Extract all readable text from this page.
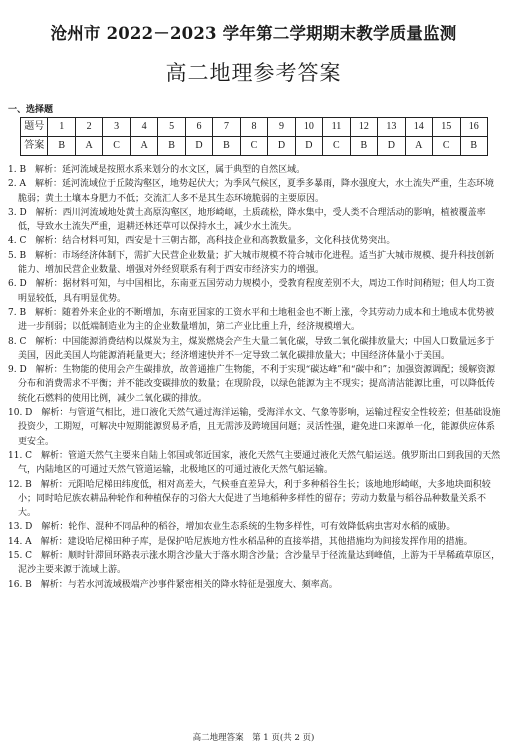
沧州市 2022－2023 学年第二学期期末教学质量监测
高二地理参考答案
一、选择题
题号	1	2	3	4	5	6	7	8	9	10	11	12	13	14	15	16
答案	B	A	C	A	B	D	B	C	D	D	C	B	D	A	C	B

1. B　解析：延河流域是按照水系来划分的水文区，属于典型的自然区域。

2. A　解析：延河流域位于丘陵沟壑区，地势起伏大；为季风气候区，夏季多暴雨，降水强度大，水土流失严重，生态环境脆弱；黄土土壤本身肥力不低；交流汇人多不是其生态环境脆弱的主要原因。

3. D　解析：西川河流域地处黄土高原沟壑区，地形崎岖，土质疏松，降水集中，受人类不合理活动的影响，植被覆盖率低，导致水土流失严重，退耕还林还草可以保持水土，减少水土流失。

4. C　解析：结合材料可知，西安是十三朝古都，高科技企业和高教数量多，文化科技优势突出。

5. B　解析：市场经济体制下，需扩大民营企业数量；扩大城市规模不符合城市化进程。适当扩大城市规模、提升科技创新能力、增加民营企业数量、增强对外经贸联系有利于西安市经济实力的增强。

6. D　解析：据材料可知，与中国相比，东南亚五国劳动力规模小，受教育程度差别不大，周边工作时间稍短；但人均工资明显较低，具有明显优势。

7. B　解析：随着外来企业的不断增加，东南亚国家的工资水平和土地租金也不断上涨，令其劳动力成本和土地成本优势被进一步削弱；以低端制造业为主的企业数量增加，第二产业比重上升，经济规模增大。

8. C　解析：中国能源消费结构以煤炭为主，煤炭燃烧会产生大量二氧化碳，导致二氧化碳排放量大；中国人口数量远多于美国，因此美国人均能源消耗量更大；经济增速快并不一定导致二氧化碳排放量大；中国经济体量小于美国。

9. D　解析：生物能的使用会产生碳排放，故普通推广生物能，不利于实现“碳达峰”和“碳中和”；加强资源调配；缓解资源分布和消费需求不平衡；并不能改变碳排放的数量；在现阶段，以绿色能源为主不现实；提高清洁能源比重，可以降低传统化石燃料的使用比例，减少二氧化碳的排放。

10. D　解析：与管道气相比，进口液化天然气通过海洋运输，受海洋水文、气象等影响，运输过程安全性较差；但基础设施投资少，工期短，可解决中短期能源贸易矛盾，且无需涉及跨境国问题；灵活性强，避免进口来源单一化，能源供应体系更安全。

11. C　解析：管道天然气主要来自陆上邻国或邻近国家，液化天然气主要通过液化天然气船运送。俄罗斯出口到我国的天然气，内陆地区的可通过天然气管道运输，北极地区的可通过液化天然气船运输。

12. B　解析：元阳哈尼梯田纬度低，相对高差大，气候垂直差异大，利于多种稻谷生长；该地地形崎岖，大多地块面积较小；同时哈尼族农耕品种轮作和种植保存的习俗大大促进了当地稻种多样性的留存；劳动力数量与稻谷品种数量关系不大。

13. D　解析：轮作、混种不同品种的稻谷，增加农业生态系统的生物多样性，可有效降低病虫害对水稻的威胁。

14. A　解析：建设哈尼梯田种子库，是保护哈尼族地方性水稻品种的直接举措，其他措施均为间接发挥作用的措施。

15. C　解析：顺时针滞回环路表示涨水期含沙量大于落水期含沙量；含沙量早于径流量达到峰值，上游为干旱稀疏草原区，泥沙主要来源于流域上游。

16. B　解析：与若水河流域极端产沙事件紧密相关的降水特征是强度大、频率高。

高二地理答案　第 1 页(共 2 页)
